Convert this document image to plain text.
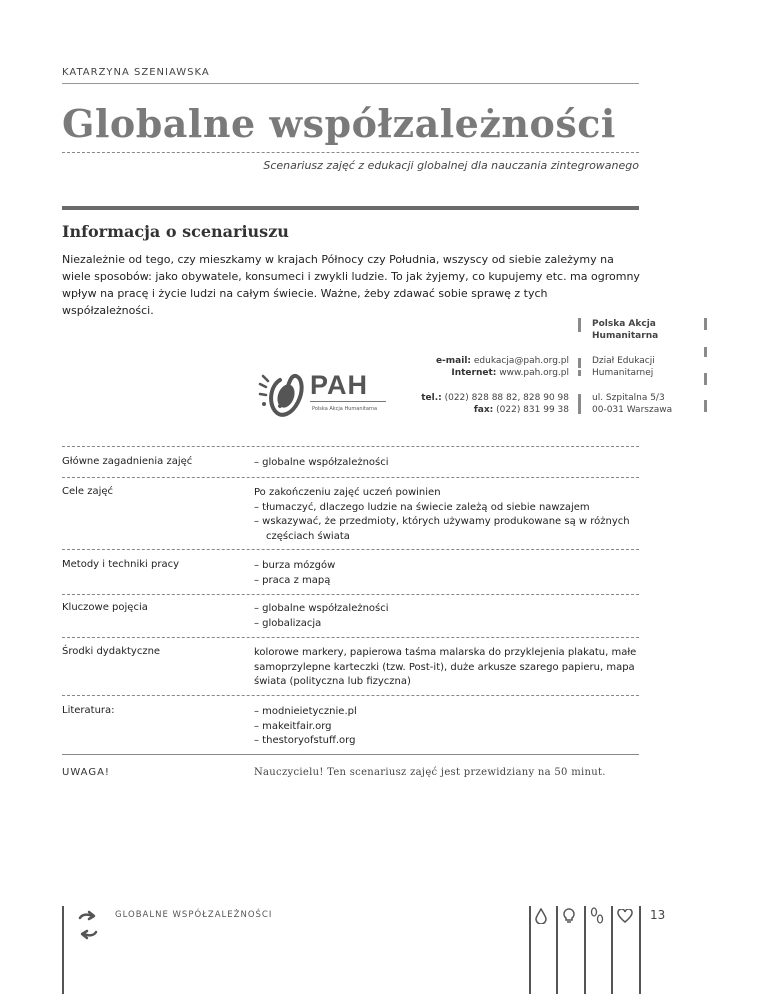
KATARZYNA SZENIAWSKA
Globalne współzależności
Scenariusz zajęć z edukacji globalnej dla nauczania zintegrowanego
Informacja o scenariuszu
Niezależnie od tego, czy mieszkamy w krajach Północy czy Południa, wszyscy od siebie zależymy na wiele sposobów: jako obywatele, konsumeci i zwykli ludzie. To jak żyjemy, co kupujemy etc. ma ogromny wpływ na pracę i życie ludzi na całym świecie. Ważne, żeby zdawać sobie sprawę z tych współzależności.
PAH
Polska Akcja Humanitarna
e-mail: edukacja@pah.org.pl
Internet: www.pah.org.pl
tel.: (022) 828 88 82, 828 90 98
fax: (022) 831 99 38
Polska Akcja
Humanitarna
Dział Edukacji
Humanitarnej
ul. Szpitalna 5/3
00-031 Warszawa
Główne zagadnienia zajęć	– globalne współzależności
Cele zajęć	Po zakończeniu zajęć uczeń powinien
– tłumaczyć, dlaczego ludzie na świecie zależą od siebie nawzajem
– wskazywać, że przedmioty, których używamy produkowane są w różnych częściach świata
Metody i techniki pracy	– burza mózgów
– praca z mapą
Kluczowe pojęcia	– globalne współzależności
– globalizacja
Środki dydaktyczne	kolorowe markery, papierowa taśma malarska do przyklejenia plakatu, małe samoprzylepne karteczki (tzw. Post-it), duże arkusze szarego papieru, mapa świata (polityczna lub fizyczna)
Literatura:	– modnieietycznie.pl
– makeitfair.org
– thestoryofstuff.org
UWAGA!	Nauczycielu! Ten scenariusz zajęć jest przewidziany na 50 minut.
GLOBALNE WSPÓŁZALEŻNOŚCI	13
